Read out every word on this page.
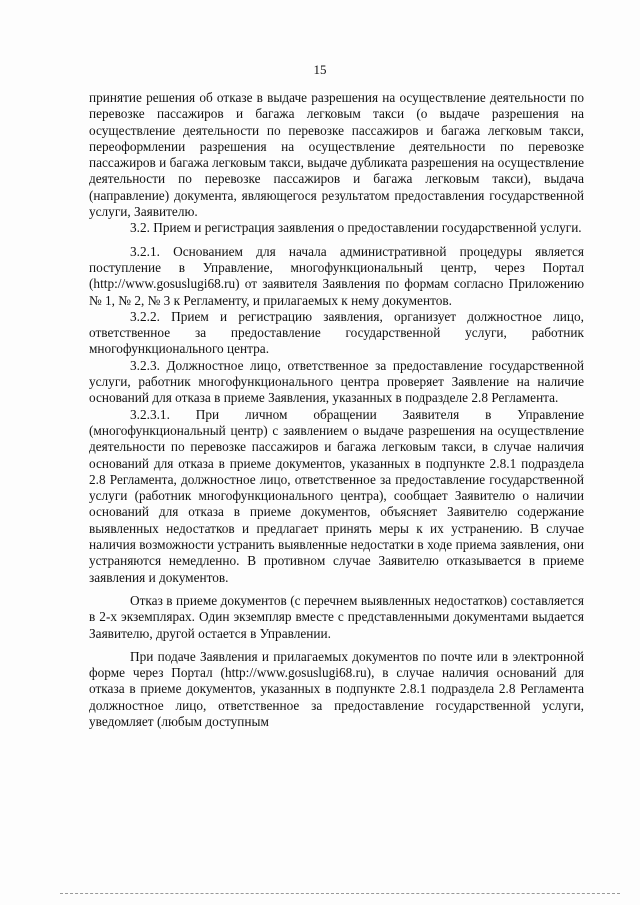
15

принятие решения об отказе в выдаче разрешения на осуществление деятельности по перевозке пассажиров и багажа легковым такси (о выдаче разрешения на осуществление деятельности по перевозке пассажиров и багажа легковым такси, переоформлении разрешения на осуществление деятельности по перевозке пассажиров и багажа легковым такси, выдаче дубликата разрешения на осуществление деятельности по перевозке пассажиров и багажа легковым такси), выдача (направление) документа, являющегося результатом предоставления государственной услуги, Заявителю.

3.2. Прием и регистрация заявления о предоставлении государственной услуги.

3.2.1. Основанием для начала административной процедуры является поступление в Управление, многофункциональный центр, через Портал (http://www.gosuslugi68.ru) от заявителя Заявления по формам согласно Приложению № 1, № 2, № 3 к Регламенту, и прилагаемых к нему документов.

3.2.2. Прием и регистрацию заявления, организует должностное лицо, ответственное за предоставление государственной услуги, работник многофункционального центра.

3.2.3. Должностное лицо, ответственное за предоставление государственной услуги, работник многофункционального центра проверяет Заявление на наличие оснований для отказа в приеме Заявления, указанных в подразделе 2.8 Регламента.

3.2.3.1. При личном обращении Заявителя в Управление (многофункциональный центр) с заявлением о выдаче разрешения на осуществление деятельности по перевозке пассажиров и багажа легковым такси, в случае наличия оснований для отказа в приеме документов, указанных в подпункте 2.8.1 подраздела 2.8 Регламента, должностное лицо, ответственное за предоставление государственной услуги (работник многофункционального центра), сообщает Заявителю о наличии оснований для отказа в приеме документов, объясняет Заявителю содержание выявленных недостатков и предлагает принять меры к их устранению. В случае наличия возможности устранить выявленные недостатки в ходе приема заявления, они устраняются немедленно. В противном случае Заявителю отказывается в приеме заявления и документов.

Отказ в приеме документов (с перечнем выявленных недостатков) составляется в 2-х экземплярах. Один экземпляр вместе с представленными документами выдается Заявителю, другой остается в Управлении.

При подаче Заявления и прилагаемых документов по почте или в электронной форме через Портал (http://www.gosuslugi68.ru), в случае наличия оснований для отказа в приеме документов, указанных в подпункте 2.8.1 подраздела 2.8 Регламента должностное лицо, ответственное за предоставление государственной услуги, уведомляет (любым доступным
